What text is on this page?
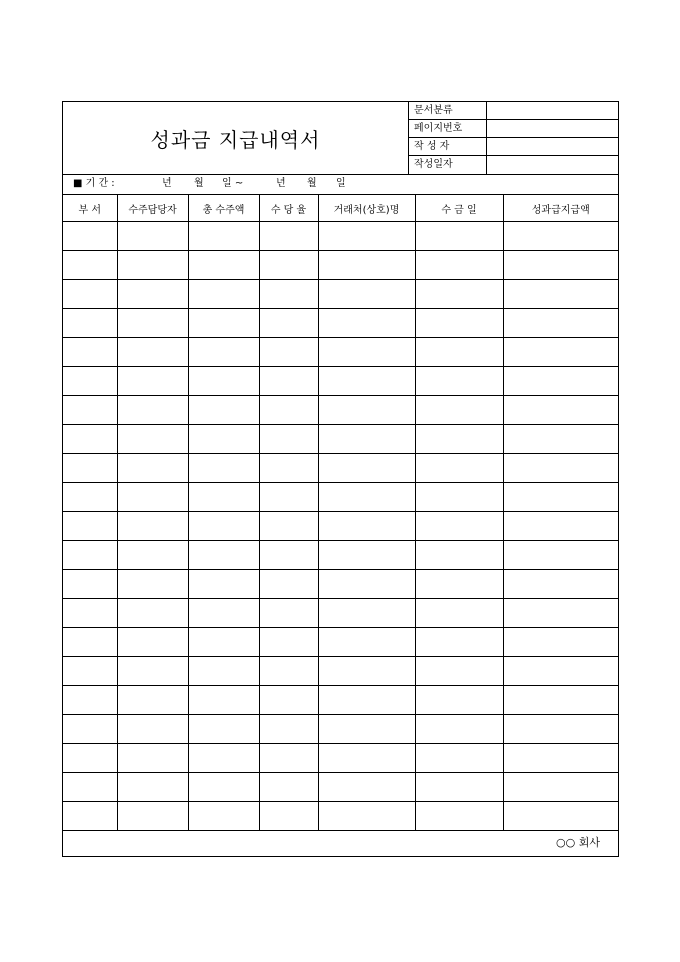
성과금 지급내역서
문서분류
페이지번호
작 성 자
작성일자
■ 기 간 :	년 월 일 ~	년 월 일
부 서	수주담당자	총 수주액	수 당 율	거래처(상호)명	수 금 일	성과급지급액

○○ 회사
